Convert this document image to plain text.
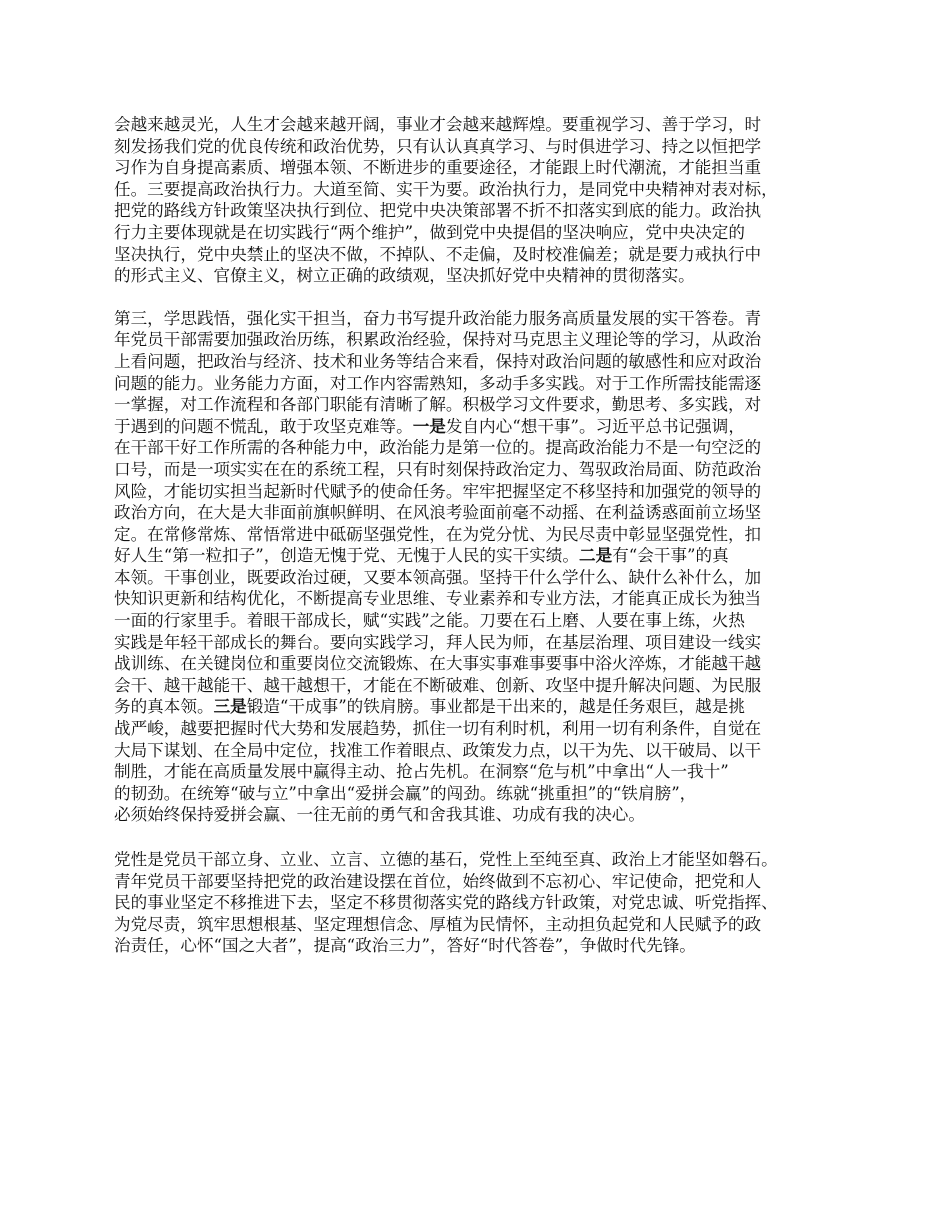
会越来越灵光，人生才会越来越开阔，事业才会越来越辉煌。要重视学习、善于学习，时
刻发扬我们党的优良传统和政治优势，只有认认真真学习、与时俱进学习、持之以恒把学
习作为自身提高素质、增强本领、不断进步的重要途径，才能跟上时代潮流，才能担当重
任。三要提高政治执行力。大道至简、实干为要。政治执行力，是同党中央精神对表对标，
把党的路线方针政策坚决执行到位、把党中央决策部署不折不扣落实到底的能力。政治执
行力主要体现就是在切实践行“两个维护”，做到党中央提倡的坚决响应，党中央决定的
坚决执行，党中央禁止的坚决不做，不掉队、不走偏，及时校准偏差；就是要力戒执行中
的形式主义、官僚主义，树立正确的政绩观，坚决抓好党中央精神的贯彻落实。

第三，学思践悟，强化实干担当，奋力书写提升政治能力服务高质量发展的实干答卷。青
年党员干部需要加强政治历练，积累政治经验，保持对马克思主义理论等的学习，从政治
上看问题，把政治与经济、技术和业务等结合来看，保持对政治问题的敏感性和应对政治
问题的能力。业务能力方面，对工作内容需熟知，多动手多实践。对于工作所需技能需逐
一掌握，对工作流程和各部门职能有清晰了解。积极学习文件要求，勤思考、多实践，对
于遇到的问题不慌乱，敢于攻坚克难等。一是发自内心“想干事”。习近平总书记强调，
在干部干好工作所需的各种能力中，政治能力是第一位的。提高政治能力不是一句空泛的
口号，而是一项实实在在的系统工程，只有时刻保持政治定力、驾驭政治局面、防范政治
风险，才能切实担当起新时代赋予的使命任务。牢牢把握坚定不移坚持和加强党的领导的
政治方向，在大是大非面前旗帜鲜明、在风浪考验面前毫不动摇、在利益诱惑面前立场坚
定。在常修常炼、常悟常进中砥砺坚强党性，在为党分忧、为民尽责中彰显坚强党性，扣
好人生“第一粒扣子”，创造无愧于党、无愧于人民的实干实绩。二是有“会干事”的真
本领。干事创业，既要政治过硬，又要本领高强。坚持干什么学什么、缺什么补什么，加
快知识更新和结构优化，不断提高专业思维、专业素养和专业方法，才能真正成长为独当
一面的行家里手。着眼干部成长，赋“实践”之能。刀要在石上磨、人要在事上练，火热
实践是年轻干部成长的舞台。要向实践学习，拜人民为师，在基层治理、项目建设一线实
战训练、在关键岗位和重要岗位交流锻炼、在大事实事难事要事中浴火淬炼，才能越干越
会干、越干越能干、越干越想干，才能在不断破难、创新、攻坚中提升解决问题、为民服
务的真本领。三是锻造“干成事”的铁肩膀。事业都是干出来的，越是任务艰巨，越是挑
战严峻，越要把握时代大势和发展趋势，抓住一切有利时机，利用一切有利条件，自觉在
大局下谋划、在全局中定位，找准工作着眼点、政策发力点，以干为先、以干破局、以干
制胜，才能在高质量发展中赢得主动、抢占先机。在洞察“危与机”中拿出“人一我十”
的韧劲。在统筹“破与立”中拿出“爱拼会赢”的闯劲。练就“挑重担”的“铁肩膀”，
必须始终保持爱拼会赢、一往无前的勇气和舍我其谁、功成有我的决心。

党性是党员干部立身、立业、立言、立德的基石，党性上至纯至真、政治上才能坚如磐石。
青年党员干部要坚持把党的政治建设摆在首位，始终做到不忘初心、牢记使命，把党和人
民的事业坚定不移推进下去，坚定不移贯彻落实党的路线方针政策，对党忠诚、听党指挥、
为党尽责，筑牢思想根基、坚定理想信念、厚植为民情怀，主动担负起党和人民赋予的政
治责任，心怀“国之大者”，提高“政治三力”，答好“时代答卷”，争做时代先锋。
